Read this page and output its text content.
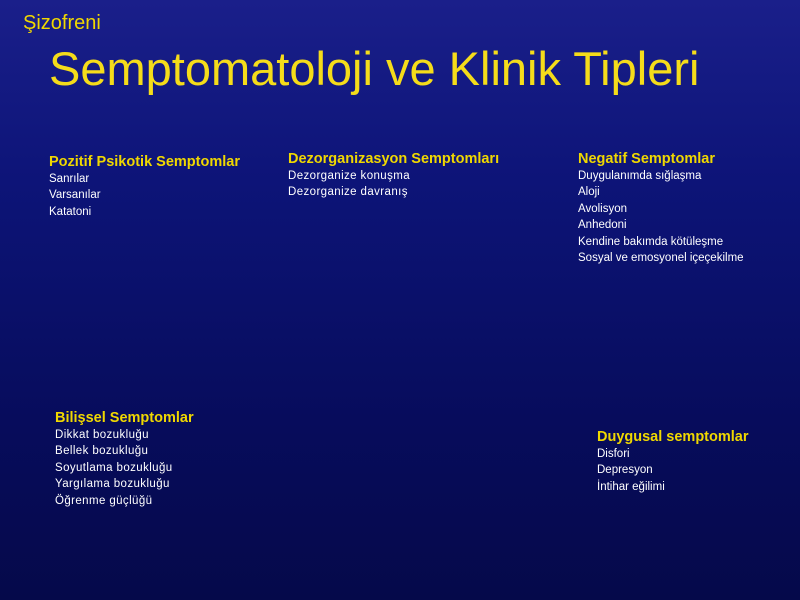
Şizofreni
Semptomatoloji ve Klinik Tipleri
Pozitif Psikotik Semptomlar
Sanrılar
Varsanılar
Katatoni
Dezorganizasyon Semptomları
Dezorganize konuşma
Dezorganize davranış
Negatif Semptomlar
Duygulanımda sığlaşma
Aloji
Avolisyon
Anhedoni
Kendine bakımda kötüleşme
Sosyal ve emosyonel içeçekilme
Bilişsel Semptomlar
Dikkat bozukluğu
Bellek bozukluğu
Soyutlama bozukluğu
Yargılama bozukluğu
Öğrenme güçlüğü
Duygusal semptomlar
Disfori
Depresyon
İntihar eğilimi
